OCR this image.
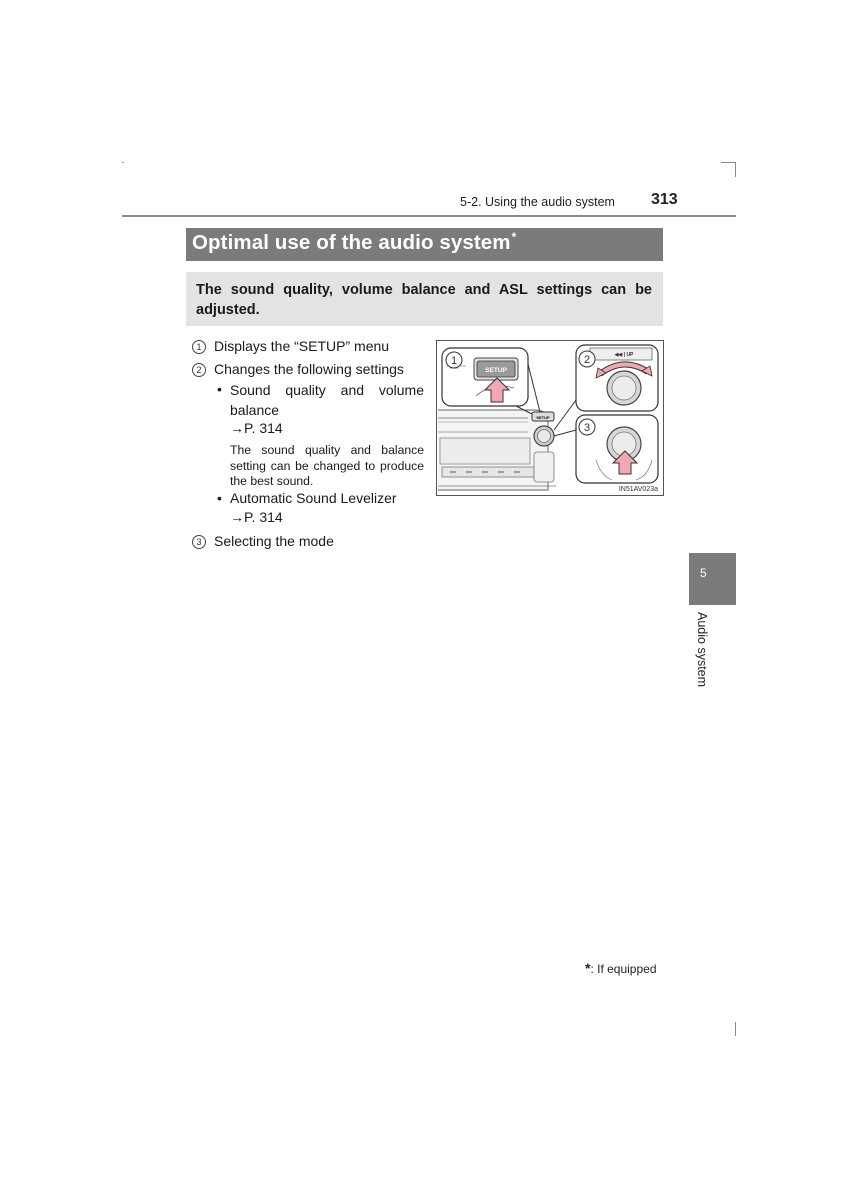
5-2. Using the audio system 313
Optimal use of the audio system*
The sound quality, volume balance and ASL settings can be adjusted.
1 Displays the “SETUP” menu
2 Changes the following settings
• Sound quality and volume balance
→P. 314
The sound quality and balance setting can be changed to produce the best sound.
• Automatic Sound Levelizer
→P. 314
3 Selecting the mode
SETUP
SETUP
1	◀◀ | UP
2
3
IN51AV023a
5
Audio system
*: If equipped
